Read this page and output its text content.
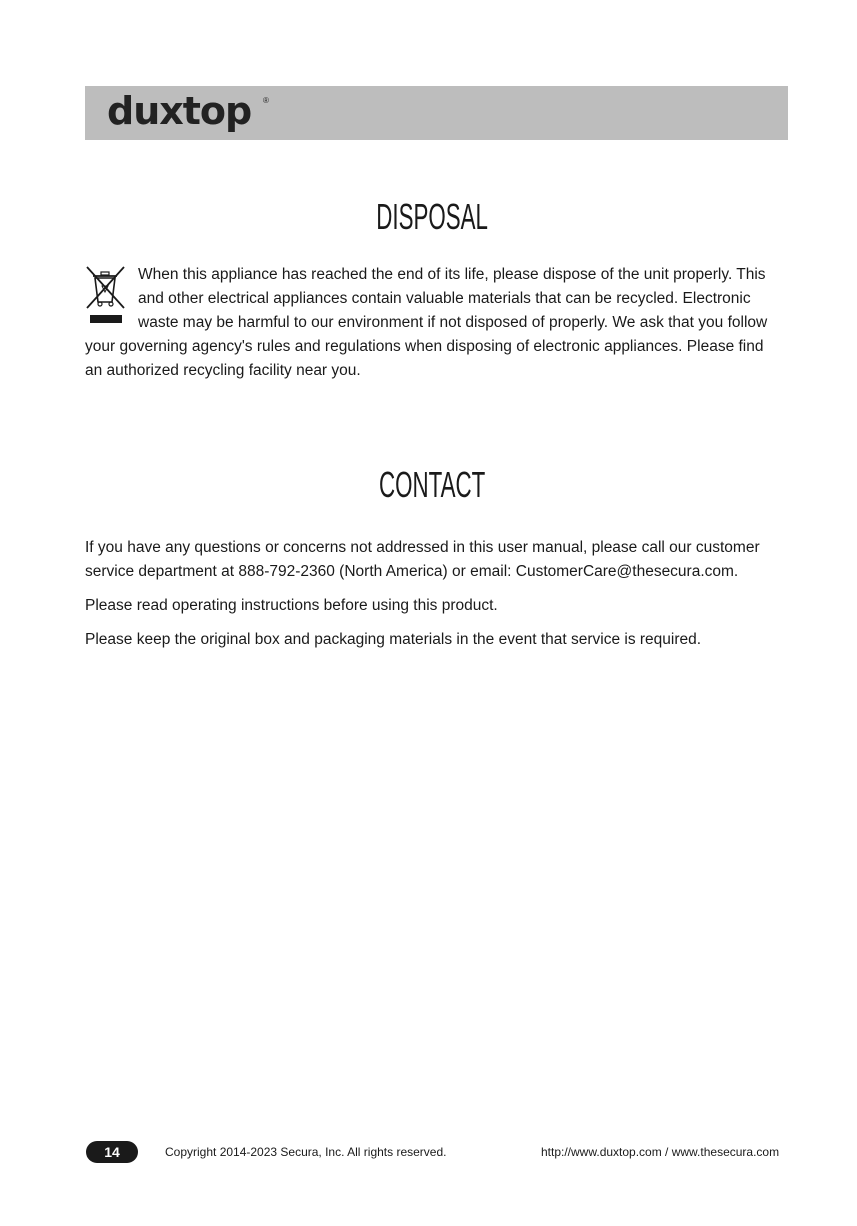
duxtop ®
DISPOSAL
When this appliance has reached the end of its life, please dispose of the unit properly. This
and other electrical appliances contain valuable materials that can be recycled. Electronic
waste may be harmful to our environment if not disposed of properly. We ask that you follow
your governing agency's rules and regulations when disposing of electronic appliances. Please find
an authorized recycling facility near you.
CONTACT
If you have any questions or concerns not addressed in this user manual, please call our customer service department at 888-792-2360 (North America) or email: CustomerCare@thesecura.com.
Please read operating instructions before using this product.
Please keep the original box and packaging materials in the event that service is required.
14	Copyright 2014-2023 Secura, Inc. All rights reserved.	http://www.duxtop.com / www.thesecura.com
